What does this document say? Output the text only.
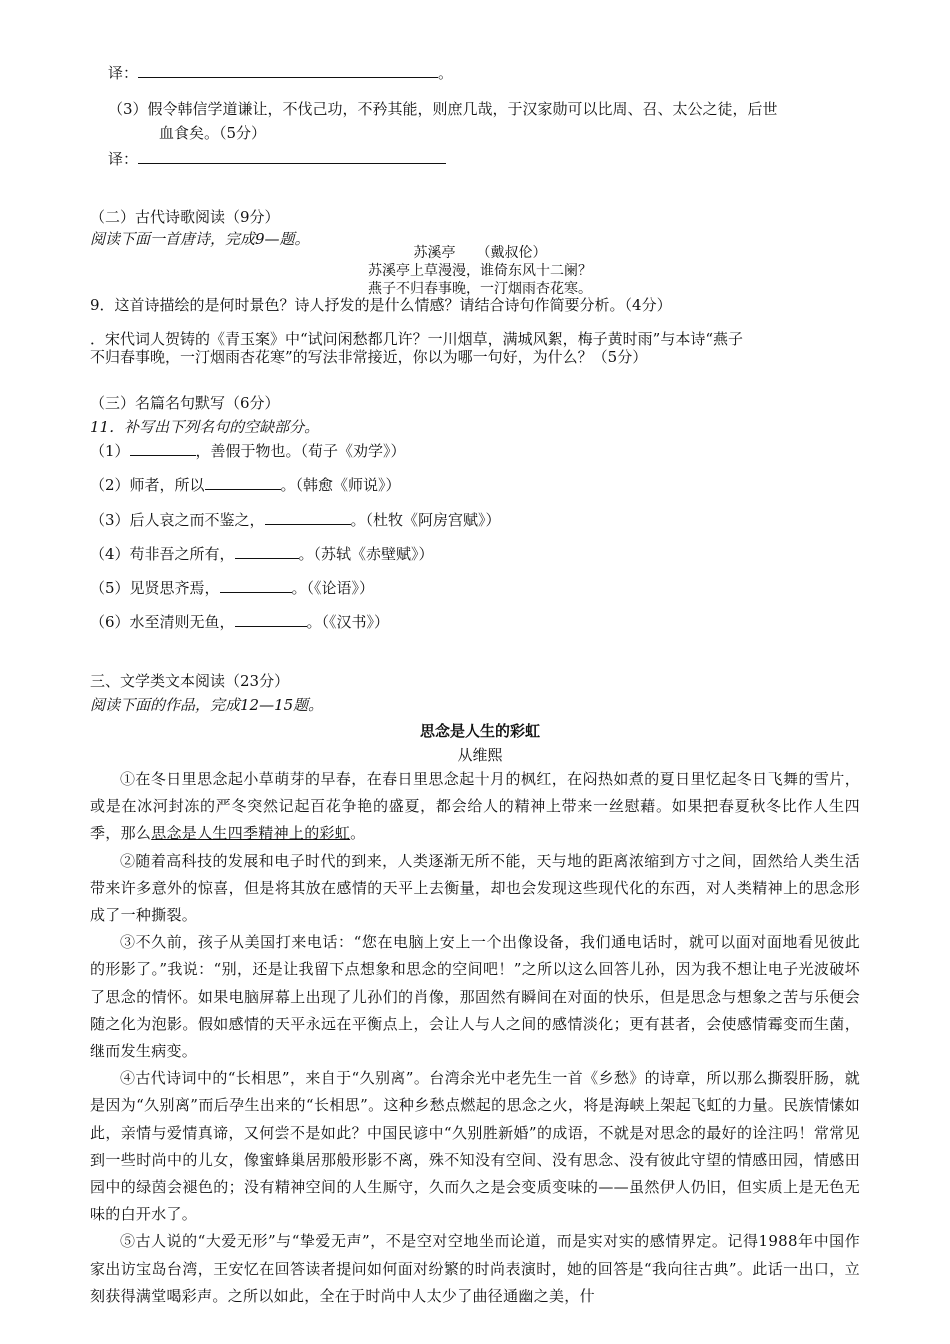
译：	。
（3）假令韩信学道谦让，不伐己功，不矜其能，则庶几哉，于汉家勋可以比周、召、太公之徒，后世
血食矣。（5分）
译：
（二）古代诗歌阅读（9分）
阅读下面一首唐诗，完成9—题。
苏溪亭　　（戴叔伦）
苏溪亭上草漫漫，谁倚东风十二阑？
燕子不归春事晚，一汀烟雨杏花寒。
9．这首诗描绘的是何时景色？诗人抒发的是什么情感？请结合诗句作简要分析。（4分）
．宋代词人贺铸的《青玉案》中“试问闲愁都几许？一川烟草，满城风絮，梅子黄时雨”与本诗“燕子
不归春事晚，一汀烟雨杏花寒”的写法非常接近，你以为哪一句好，为什么？（5分）
（三）名篇名句默写（6分）
11．补写出下列名句的空缺部分。
（1）	，善假于物也。（荀子《劝学》）
（2）师者，所以	。（韩愈《师说》）
（3）后人哀之而不鉴之，	。（杜牧《阿房宫赋》）
（4）苟非吾之所有，	。（苏轼《赤壁赋》）
（5）见贤思齐焉，	。（《论语》）
（6）水至清则无鱼，	。（《汉书》）
三、文学类文本阅读（23分）
阅读下面的作品，完成12—15题。
思念是人生的彩虹
从维熙

①在冬日里思念起小草萌芽的早春，在春日里思念起十月的枫红，在闷热如煮的夏日里忆起冬日飞舞的雪片，或是在冰河封冻的严冬突然记起百花争艳的盛夏，都会给人的精神上带来一丝慰藉。如果把春夏秋冬比作人生四季，那么思念是人生四季精神上的彩虹。

②随着高科技的发展和电子时代的到来，人类逐渐无所不能，天与地的距离浓缩到方寸之间，固然给人类生活带来许多意外的惊喜，但是将其放在感情的天平上去衡量，却也会发现这些现代化的东西，对人类精神上的思念形成了一种撕裂。

③不久前，孩子从美国打来电话：“您在电脑上安上一个出像设备，我们通电话时，就可以面对面地看见彼此的形影了。”我说：“别，还是让我留下点想象和思念的空间吧！”之所以这么回答儿孙，因为我不想让电子光波破坏了思念的情怀。如果电脑屏幕上出现了儿孙们的肖像，那固然有瞬间在对面的快乐，但是思念与想象之苦与乐便会随之化为泡影。假如感情的天平永远在平衡点上，会让人与人之间的感情淡化；更有甚者，会使感情霉变而生菌，继而发生病变。

④古代诗词中的“长相思”，来自于“久别离”。台湾余光中老先生一首《乡愁》的诗章，所以那么撕裂肝肠，就是因为“久别离”而后孕生出来的“长相思”。这种乡愁点燃起的思念之火，将是海峡上架起飞虹的力量。民族情愫如此，亲情与爱情真谛，又何尝不是如此？中国民谚中“久别胜新婚”的成语，不就是对思念的最好的诠注吗！常常见到一些时尚中的儿女，像蜜蜂巢居那般形影不离，殊不知没有空间、没有思念、没有彼此守望的情感田园，情感田园中的绿茵会褪色的；没有精神空间的人生厮守，久而久之是会变质变味的——虽然伊人仍旧，但实质上是无色无味的白开水了。

⑤古人说的“大爱无形”与“挚爱无声”，不是空对空地坐而论道，而是实对实的感情界定。记得1988年中国作家出访宝岛台湾，王安忆在回答读者提问如何面对纷繁的时尚表演时，她的回答是“我向往古典”。此话一出口，立刻获得满堂喝彩声。之所以如此，全在于时尚中人太少了曲径通幽之美，什
